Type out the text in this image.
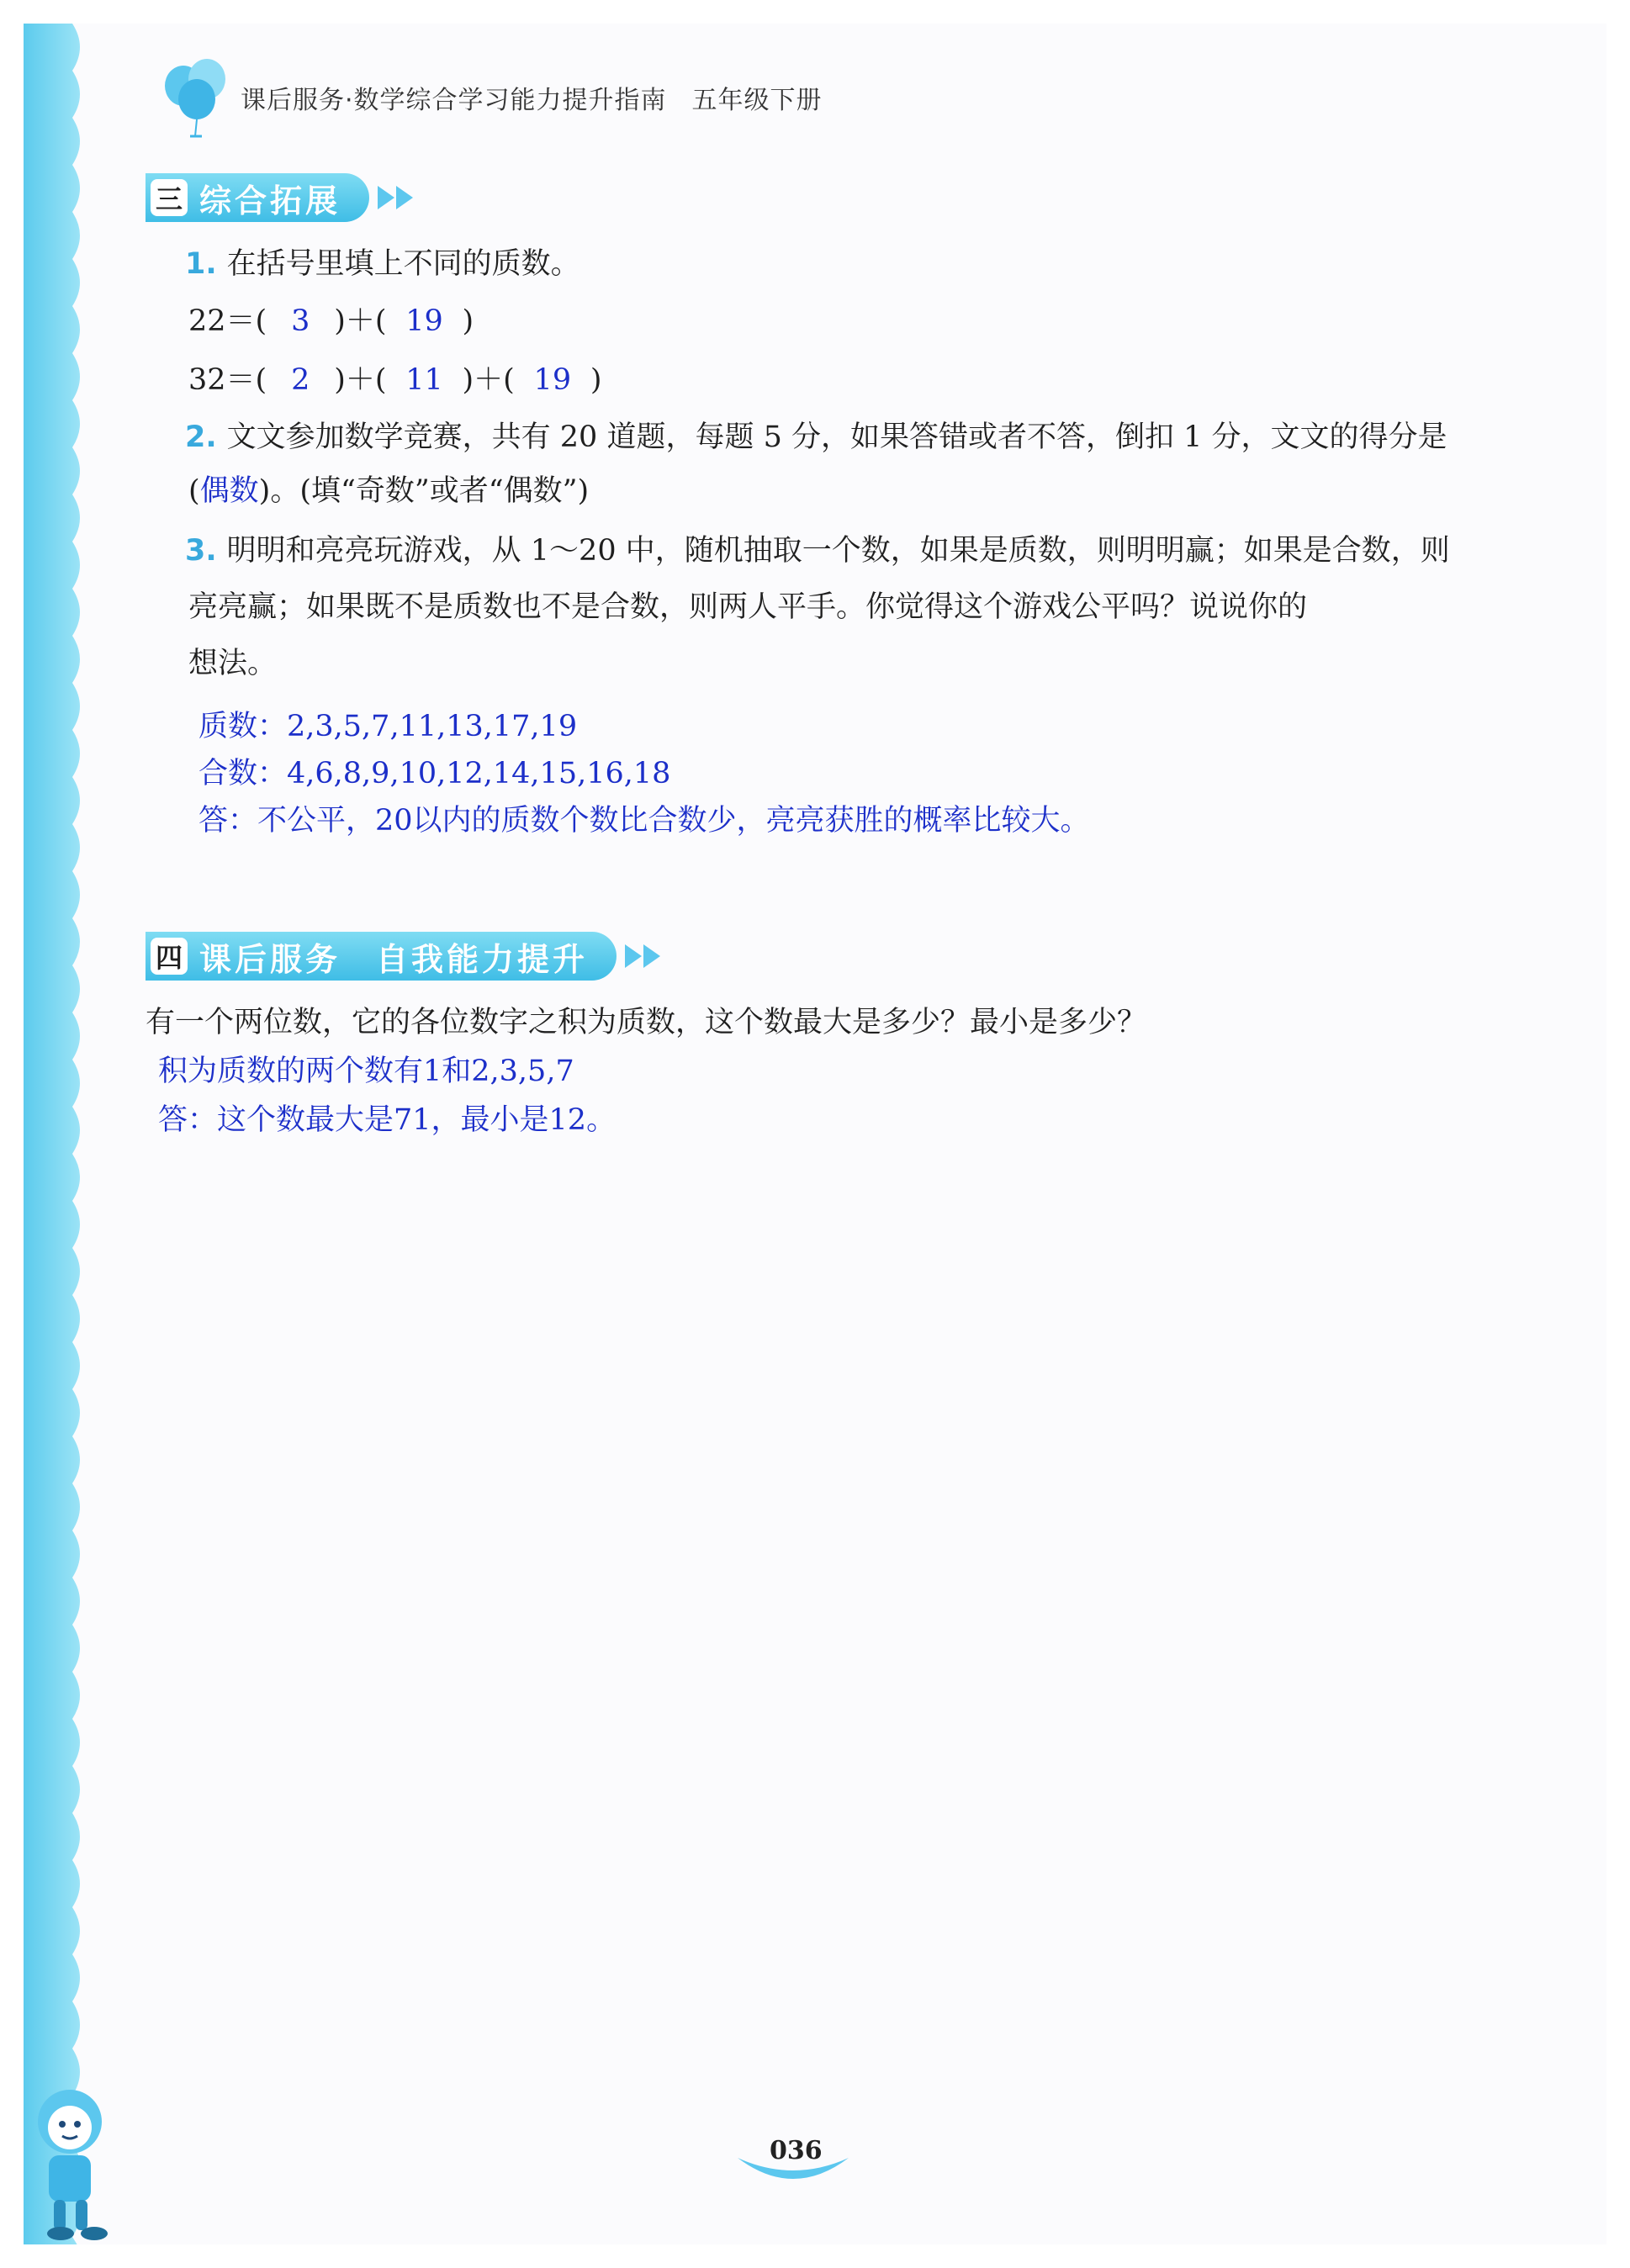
课后服务·数学综合学习能力提升指南 五年级下册
三 综合拓展
1. 在括号里填上不同的质数。
22＝( 3 )＋( 19 )
32＝( 2 )＋( 11 )＋( 19 )
2. 文文参加数学竞赛，共有 20 道题，每题 5 分，如果答错或者不答，倒扣 1 分，文文的得分是
(偶数)。(填“奇数”或者“偶数”)
3. 明明和亮亮玩游戏，从 1～20 中，随机抽取一个数，如果是质数，则明明赢；如果是合数，则
亮亮赢；如果既不是质数也不是合数，则两人平手。你觉得这个游戏公平吗？说说你的
想法。
质数：2,3,5,7,11,13,17,19
合数：4,6,8,9,10,12,14,15,16,18
答：不公平，20以内的质数个数比合数少，亮亮获胜的概率比较大。
四 课后服务　自我能力提升
有一个两位数，它的各位数字之积为质数，这个数最大是多少？最小是多少？
积为质数的两个数有1和2,3,5,7
答：这个数最大是71，最小是12。
036
